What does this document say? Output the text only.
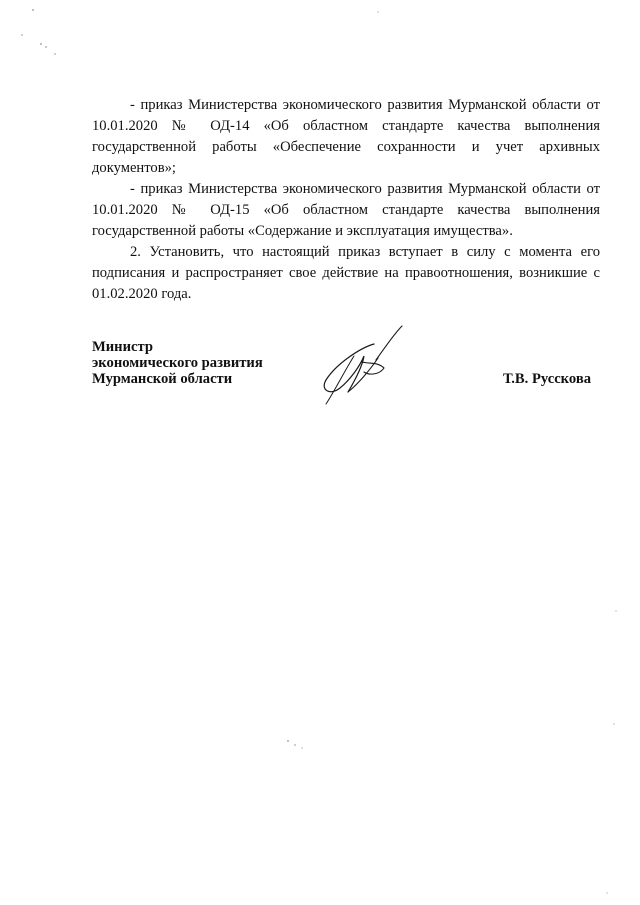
- приказ Министерства экономического развития Мурманской области от 10.01.2020 № ОД-14 «Об областном стандарте качества выполнения государственной работы «Обеспечение сохранности и учет архивных документов»;

- приказ Министерства экономического развития Мурманской области от 10.01.2020 № ОД-15 «Об областном стандарте качества выполнения государственной работы «Содержание и эксплуатация имущества».

2. Установить, что настоящий приказ вступает в силу с момента его подписания и распространяет свое действие на правоотношения, возникшие с 01.02.2020 года.

Министр
экономического развития
Мурманской области	Т.В. Русскова
